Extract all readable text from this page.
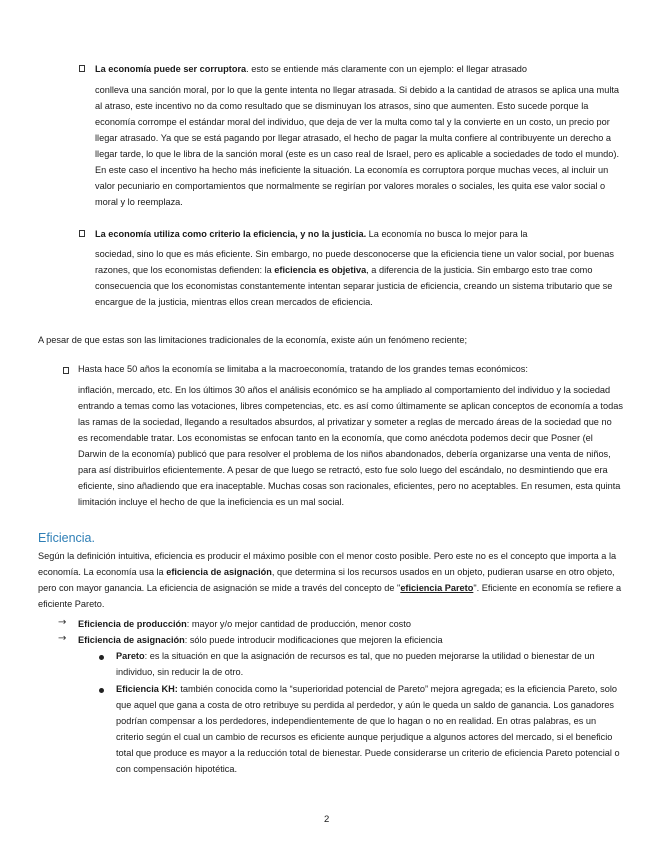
La economía puede ser corruptora. esto se entiende más claramente con un ejemplo: el llegar atrasado

conlleva una sanción moral, por lo que la gente intenta no llegar atrasada. Si debido a la cantidad de atrasos se aplica una multa al atraso, este incentivo no da como resultado que se disminuyan los atrasos, sino que aumenten. Esto sucede porque la economía corrompe el estándar moral del individuo, que deja de ver la multa como tal y la convierte en un costo, un precio por llegar atrasado. Ya que se está pagando por llegar atrasado, el hecho de pagar la multa confiere al contribuyente un derecho a llegar tarde, lo que le libra de la sanción moral (este es un caso real de Israel, pero es aplicable a sociedades de todo el mundo). En este caso el incentivo ha hecho más ineficiente la situación. La economía es corruptora porque muchas veces, al incluir un valor pecuniario en comportamientos que normalmente se regirían por valores morales o sociales, les quita ese valor social o moral y lo reemplaza.

La economía utiliza como criterio la eficiencia, y no la justicia. La economía no busca lo mejor para la

sociedad, sino lo que es más eficiente. Sin embargo, no puede desconocerse que la eficiencia tiene un valor social, por buenas razones, que los economistas defienden: la eficiencia es objetiva, a diferencia de la justicia. Sin embargo esto trae como consecuencia que los economistas constantemente intentan separar justicia de eficiencia, creando un sistema tributario que se encargue de la justicia, mientras ellos crean mercados de eficiencia.

A pesar de que estas son las limitaciones tradicionales de la economía, existe aún un fenómeno reciente;

Hasta hace 50 años la economía se limitaba a la macroeconomía, tratando de los grandes temas económicos:

inflación, mercado, etc. En los últimos 30 años el análisis económico se ha ampliado al comportamiento del individuo y la sociedad entrando a temas como las votaciones, libres competencias, etc. es así como últimamente se aplican conceptos de economía a todas las ramas de la sociedad, llegando a resultados absurdos, al privatizar y someter a reglas de mercado áreas de la sociedad que no es recomendable tratar. Los economistas se enfocan tanto en la economía, que como anécdota podemos decir que Posner (el Darwin de la economía) publicó que para resolver el problema de los niños abandonados, debería organizarse una venta de niños, para así distribuirlos eficientemente. A pesar de que luego se retractó, esto fue solo luego del escándalo, no desmintiendo que era eficiente, sino añadiendo que era inaceptable. Muchas cosas son racionales, eficientes, pero no aceptables. En resumen, esta quinta limitación incluye el hecho de que la ineficiencia es un mal social.

Eficiencia.

Según la definición intuitiva, eficiencia es producir el máximo posible con el menor costo posible. Pero este no es el concepto que importa a la economía. La economía usa la eficiencia de asignación, que determina si los recursos usados en un objeto, pudieran usarse en otro objeto, pero con mayor ganancia. La eficiencia de asignación se mide a través del concepto de "eficiencia Pareto". Eficiente en economía se refiere a eficiente Pareto.

→ Eficiencia de producción: mayor y/o mejor cantidad de producción, menor costo

→ Eficiencia de asignación: sólo puede introducir modificaciones que mejoren la eficiencia

Pareto: es la situación en que la asignación de recursos es tal, que no pueden mejorarse la utilidad o bienestar de un individuo, sin reducir la de otro.

Eficiencia KH: también conocida como la “superioridad potencial de Pareto” mejora agregada; es la eficiencia Pareto, solo que aquel que gana a costa de otro retribuye su perdida al perdedor, y aún le queda un saldo de ganancia. Los ganadores podrían compensar a los perdedores, independientemente de que lo hagan o no en realidad. En otras palabras, es un criterio según el cual un cambio de recursos es eficiente aunque perjudique a algunos actores del mercado, si el beneficio total que produce es mayor a la reducción total de bienestar. Puede considerarse un criterio de eficiencia Pareto potencial o con compensación hipotética.

2
